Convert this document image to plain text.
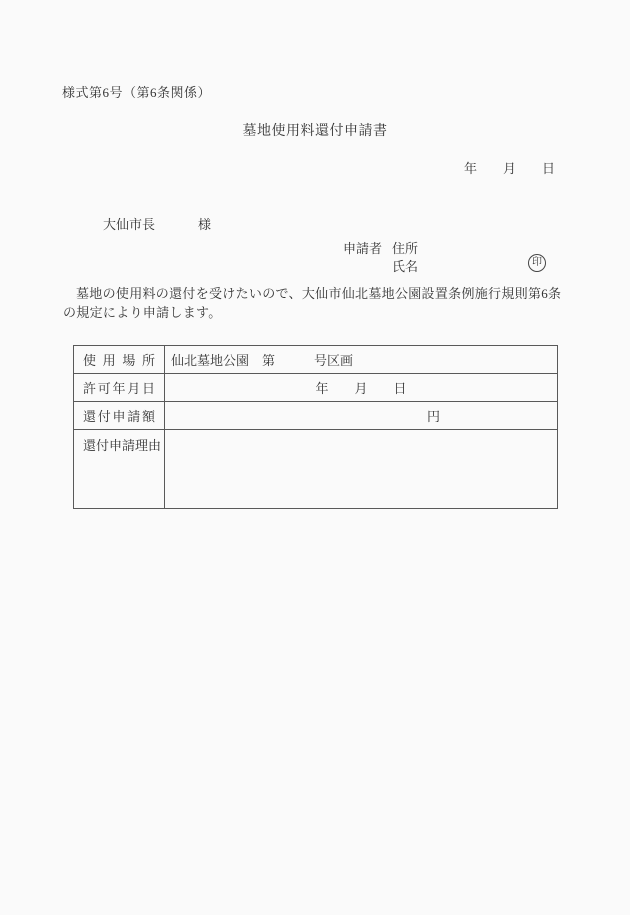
様式第6号（第6条関係）
墓地使用料還付申請書
年　　月　　日

大仙市長	様

申請者 住所
氏名	印
墓地の使用料の還付を受けたいので、大仙市仙北墓地公園設置条例施行規則第6条の規定により申請します。
使用場所	仙北墓地公園　第　　　号区画
許可年月日	年　　月　　日
還付申請額	円
還付申請理由	
